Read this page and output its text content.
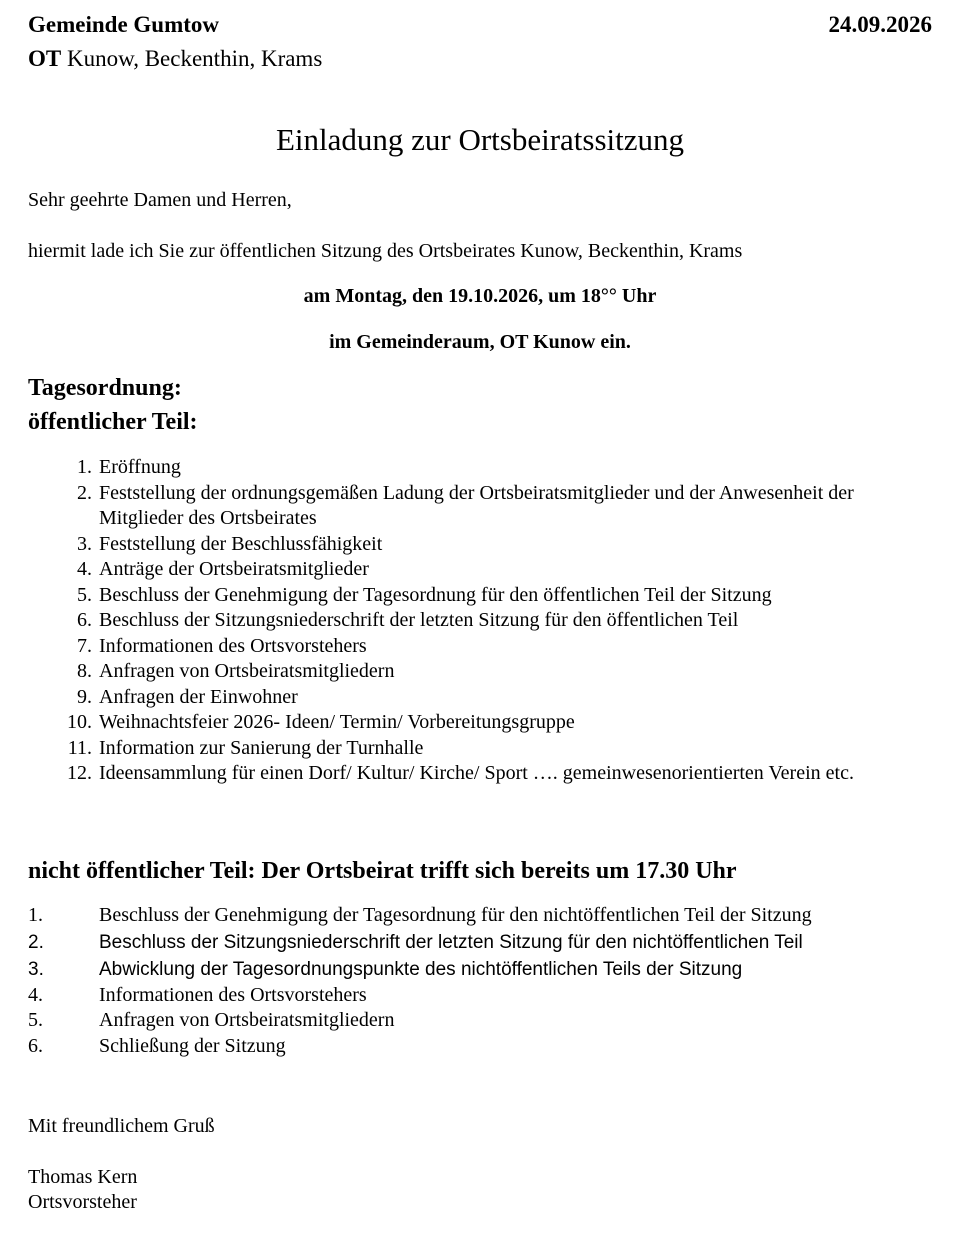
Gemeinde Gumtow	24.09.2026
OT Kunow, Beckenthin, Krams
Einladung zur Ortsbeiratssitzung
Sehr geehrte Damen und Herren,
hiermit lade ich Sie zur öffentlichen Sitzung des Ortsbeirates Kunow, Beckenthin, Krams
am Montag, den 19.10.2026, um 18°° Uhr
im Gemeinderaum, OT Kunow ein.
Tagesordnung:
öffentlicher Teil:
1. Eröffnung
2. Feststellung der ordnungsgemäßen Ladung der Ortsbeiratsmitglieder und der Anwesenheit der Mitglieder des Ortsbeirates
3. Feststellung der Beschlussfähigkeit
4. Anträge der Ortsbeiratsmitglieder
5. Beschluss der Genehmigung der Tagesordnung für den öffentlichen Teil der Sitzung
6. Beschluss der Sitzungsniederschrift der letzten Sitzung für den öffentlichen Teil
7. Informationen des Ortsvorstehers
8. Anfragen von Ortsbeiratsmitgliedern
9. Anfragen der Einwohner
10. Weihnachtsfeier 2026- Ideen/ Termin/ Vorbereitungsgruppe
11. Information zur Sanierung der Turnhalle
12. Ideensammlung für einen Dorf/ Kultur/ Kirche/ Sport …. gemeinwesenorientierten Verein etc.
nicht öffentlicher Teil: Der Ortsbeirat trifft sich bereits um 17.30 Uhr
1.	Beschluss der Genehmigung der Tagesordnung für den nichtöffentlichen Teil der Sitzung
2.	Beschluss der Sitzungsniederschrift der letzten Sitzung für den nichtöffentlichen Teil
3.	Abwicklung der Tagesordnungspunkte des nichtöffentlichen Teils der Sitzung
4.	Informationen des Ortsvorstehers
5.	Anfragen von Ortsbeiratsmitgliedern
6.	Schließung der Sitzung
Mit freundlichem Gruß
Thomas Kern
Ortsvorsteher
